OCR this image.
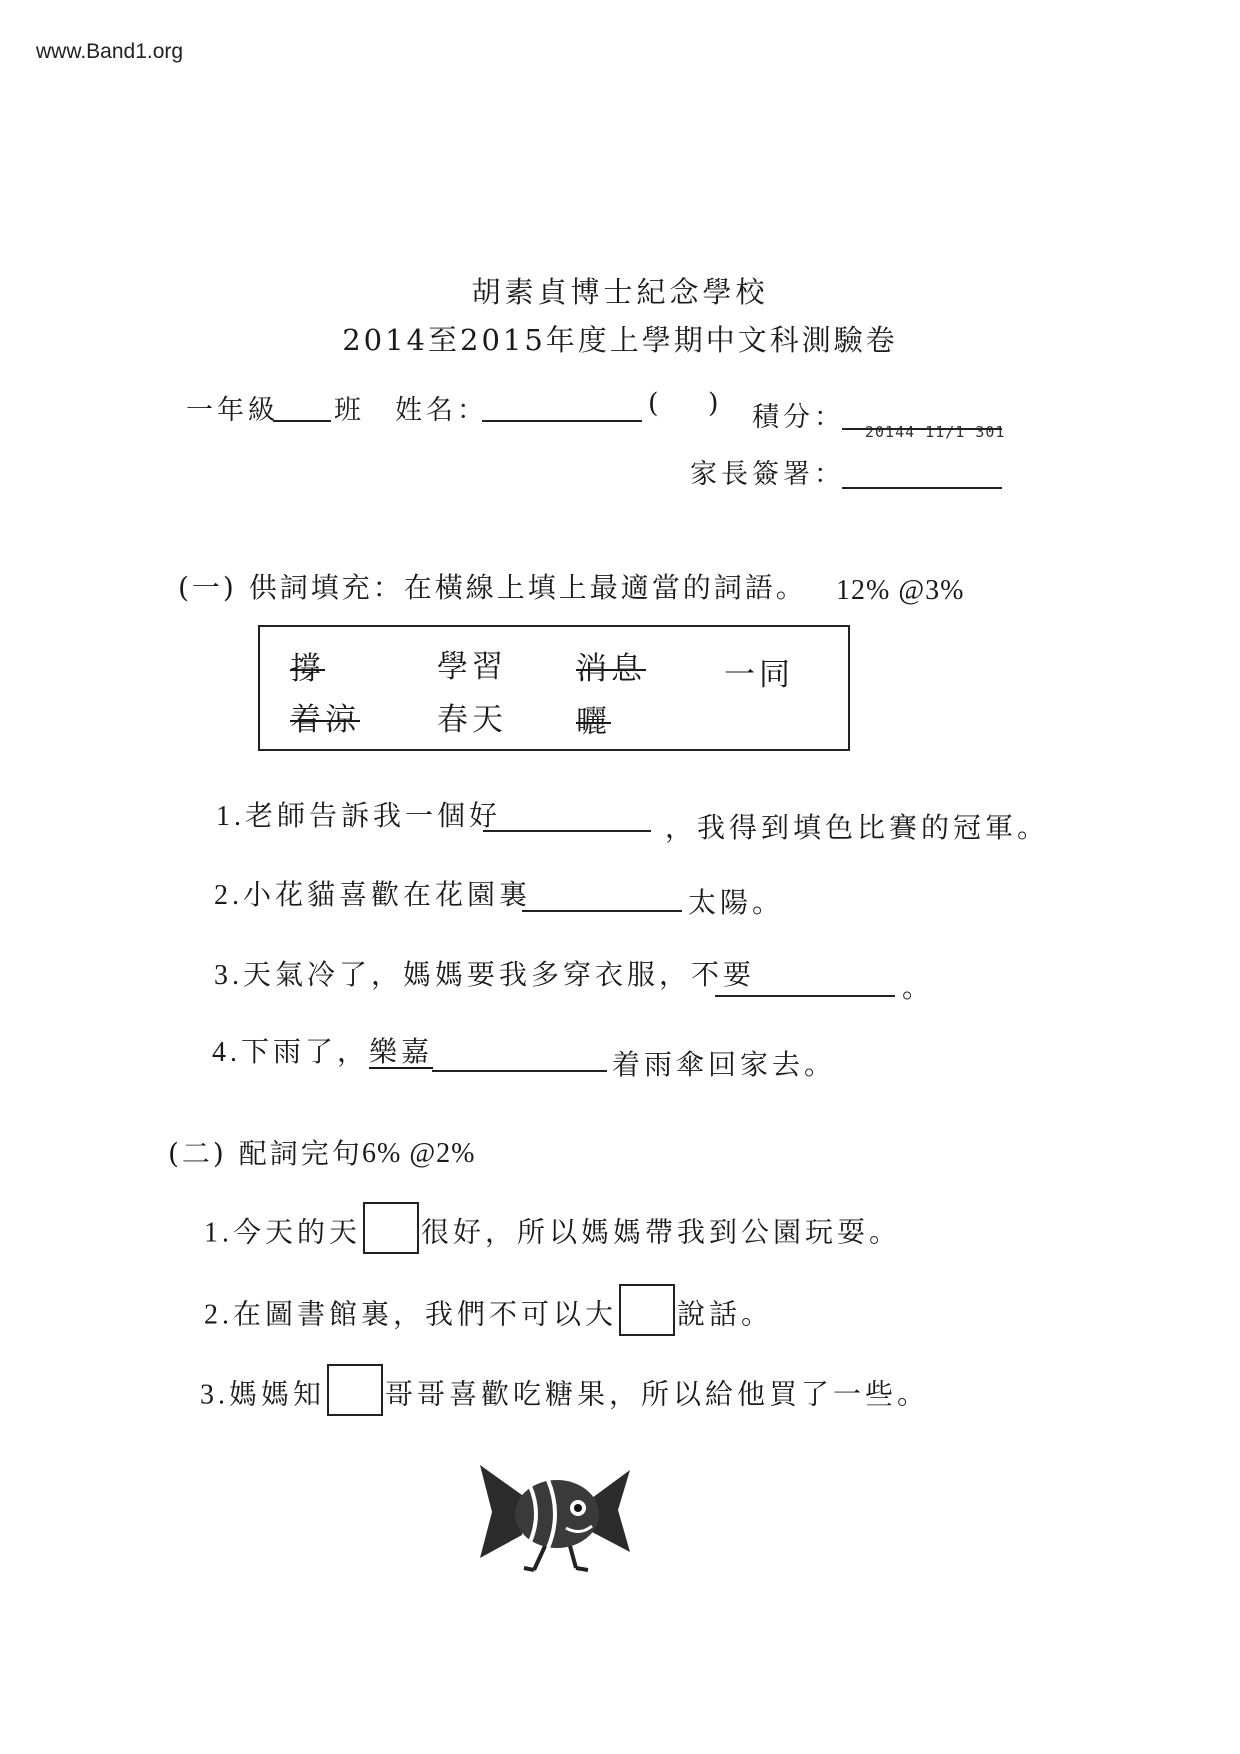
www.Band1.org
胡素貞博士紀念學校
2014至2015年度上學期中文科測驗卷
一年級 班 姓名：	( ) 積分： 20144 11/1 301
家長簽署：
(一) 供詞填充：在橫線上填上最適當的詞語。 12% @3%
撐	學習 消息	一同
着涼 春天 曬
1.老師告訴我一個好	，我得到填色比賽的冠軍。
2.小花貓喜歡在花園裏	太陽。
3.天氣冷了，媽媽要我多穿衣服，不要	。
4.下雨了，樂嘉	着雨傘回家去。
(二) 配詞完句 6% @2%
1.今天的天 很好，所以媽媽帶我到公園玩耍。
2.在圖書館裏，我們不可以大 說話。
3.媽媽知 哥哥喜歡吃糖果，所以給他買了一些。
